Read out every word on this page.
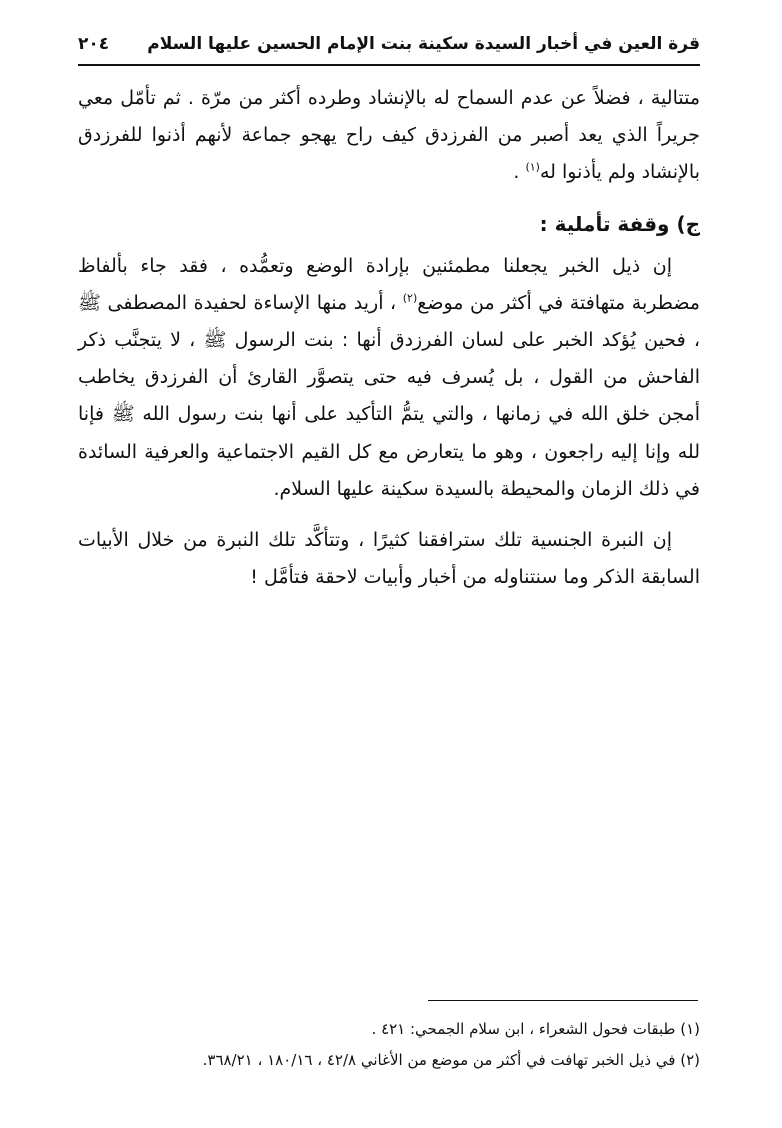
قرة العين في أخبار السيدة سكينة بنت الإمام الحسين عليها السلام
٢٠٤

متتالية ، فضلاً عن عدم السماح له بالإنشاد وطرده أكثر من مرّة . ثم تأمّل معي جريراً الذي يعد أصبر من الفرزدق كيف راح يهجو جماعة لأنهم أذنوا للفرزدق بالإنشاد ولم يأذنوا له$^{(١)}$ .

ج) وقفة تأملية :

إن ذيل الخبر يجعلنا مطمئنين بإرادة الوضع وتعمُّده ، فقد جاء بألفاظ مضطربة متهافتة في أكثر من موضع$^{(٢)}$ ، أريد منها الإساءة لحفيدة المصطفى ﷺ ، فحين يُؤكد الخبر على لسان الفرزدق أنها : بنت الرسول ﷺ ، لا يتجنَّب ذكر الفاحش من القول ، بل يُسرف فيه حتى يتصوَّر القارئ أن الفرزدق يخاطب أمجن خلق الله في زمانها ، والتي يتمُّ التأكيد على أنها بنت رسول الله ﷺ فإنا لله وإنا إليه راجعون ، وهو ما يتعارض مع كل القيم الاجتماعية والعرفية السائدة في ذلك الزمان والمحيطة بالسيدة سكينة عليها السلام.

إن النبرة الجنسية تلك سترافقنا كثيرًا ، وتتأكَّد تلك النبرة من خلال الأبيات السابقة الذكر وما سنتناوله من أخبار وأبيات لاحقة فتأمَّل !

(١) طبقات فحول الشعراء ، ابن سلام الجمحي: ٤٢١ .
(٢) في ذيل الخبر تهافت في أكثر من موضع من الأغاني ٤٢/٨ ، ١٨٠/١٦ ، ٣٦٨/٢١.
